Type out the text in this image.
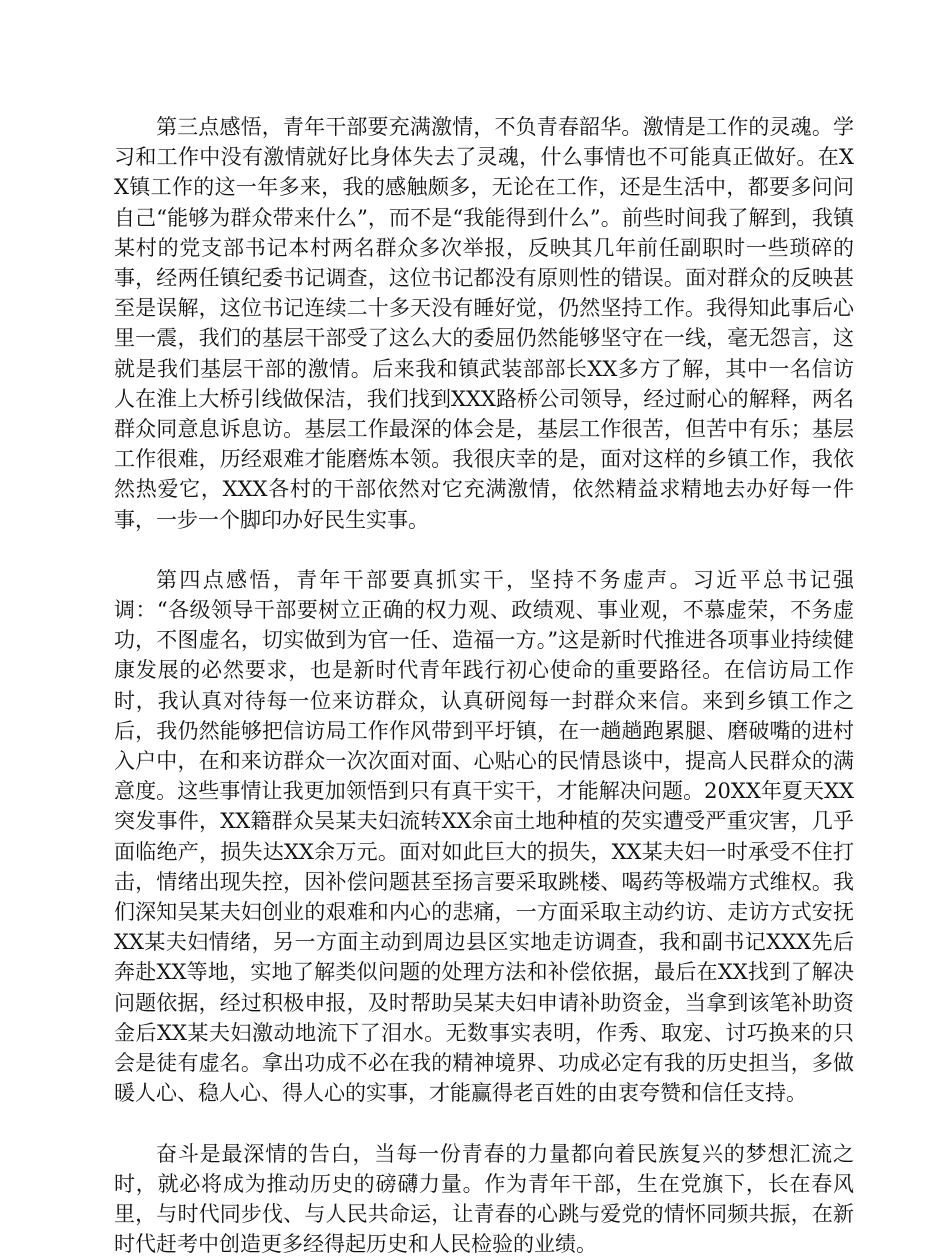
第三点感悟，青年干部要充满激情，不负青春韶华。激情是工作的灵魂。学习和工作中没有激情就好比身体失去了灵魂，什么事情也不可能真正做好。在XX镇工作的这一年多来，我的感触颇多，无论在工作，还是生活中，都要多问问自己“能够为群众带来什么”，而不是“我能得到什么”。前些时间我了解到，我镇某村的党支部书记本村两名群众多次举报，反映其几年前任副职时一些琐碎的事，经两任镇纪委书记调查，这位书记都没有原则性的错误。面对群众的反映甚至是误解，这位书记连续二十多天没有睡好觉，仍然坚持工作。我得知此事后心里一震，我们的基层干部受了这么大的委屈仍然能够坚守在一线，毫无怨言，这就是我们基层干部的激情。后来我和镇武装部部长XX多方了解，其中一名信访人在淮上大桥引线做保洁，我们找到XXX路桥公司领导，经过耐心的解释，两名群众同意息诉息访。基层工作最深的体会是，基层工作很苦，但苦中有乐；基层工作很难，历经艰难才能磨炼本领。我很庆幸的是，面对这样的乡镇工作，我依然热爱它，XXX各村的干部依然对它充满激情，依然精益求精地去办好每一件事，一步一个脚印办好民生实事。

第四点感悟，青年干部要真抓实干，坚持不务虚声。习近平总书记强调：“各级领导干部要树立正确的权力观、政绩观、事业观，不慕虚荣，不务虚功，不图虚名，切实做到为官一任、造福一方。”这是新时代推进各项事业持续健康发展的必然要求，也是新时代青年践行初心使命的重要路径。在信访局工作时，我认真对待每一位来访群众，认真研阅每一封群众来信。来到乡镇工作之后，我仍然能够把信访局工作作风带到平圩镇，在一趟趟跑累腿、磨破嘴的进村入户中，在和来访群众一次次面对面、心贴心的民情恳谈中，提高人民群众的满意度。这些事情让我更加领悟到只有真干实干，才能解决问题。20XX年夏天XX突发事件，XX籍群众吴某夫妇流转XX余亩土地种植的芡实遭受严重灾害，几乎面临绝产，损失达XX余万元。面对如此巨大的损失，XX某夫妇一时承受不住打击，情绪出现失控，因补偿问题甚至扬言要采取跳楼、喝药等极端方式维权。我们深知吴某夫妇创业的艰难和内心的悲痛，一方面采取主动约访、走访方式安抚XX某夫妇情绪，另一方面主动到周边县区实地走访调查，我和副书记XXX先后奔赴XX等地，实地了解类似问题的处理方法和补偿依据，最后在XX找到了解决问题依据，经过积极申报，及时帮助吴某夫妇申请补助资金，当拿到该笔补助资金后XX某夫妇激动地流下了泪水。无数事实表明，作秀、取宠、讨巧换来的只会是徒有虚名。拿出功成不必在我的精神境界、功成必定有我的历史担当，多做暖人心、稳人心、得人心的实事，才能赢得老百姓的由衷夸赞和信任支持。

奋斗是最深情的告白，当每一份青春的力量都向着民族复兴的梦想汇流之时，就必将成为推动历史的磅礴力量。作为青年干部，生在党旗下，长在春风里，与时代同步伐、与人民共命运，让青春的心跳与爱党的情怀同频共振，在新时代赶考中创造更多经得起历史和人民检验的业绩。
